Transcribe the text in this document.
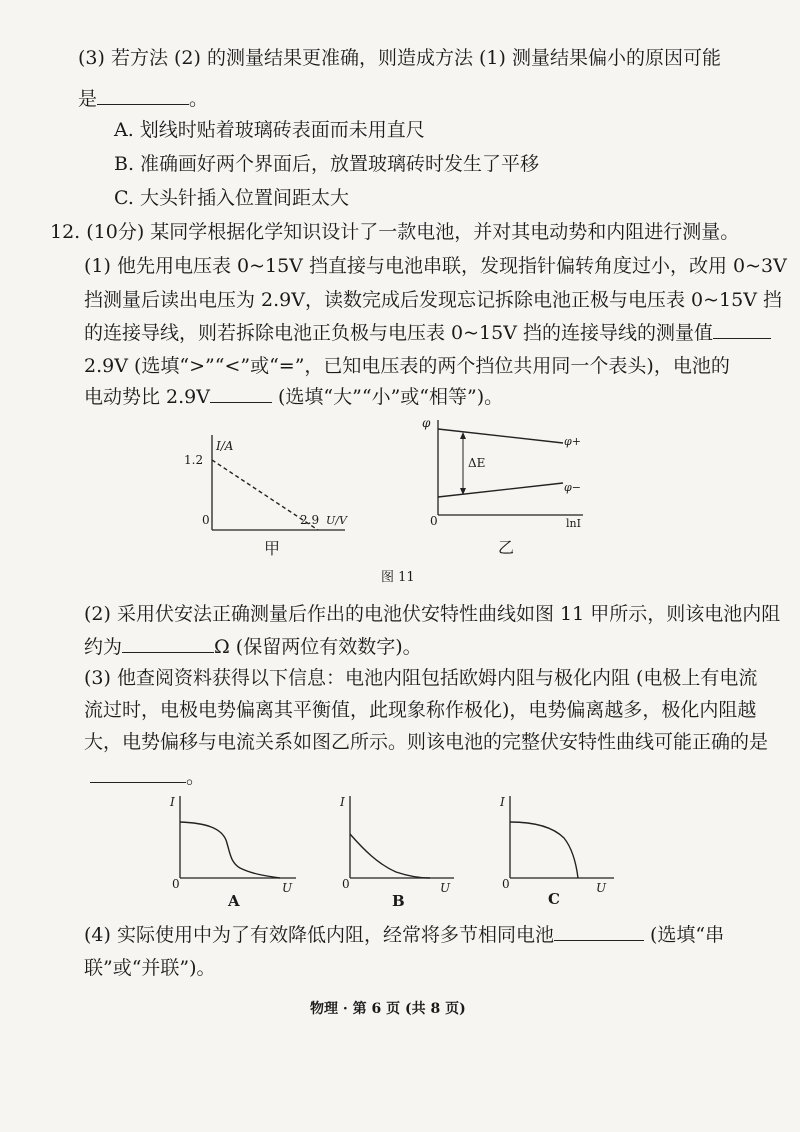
(3) 若方法 (2) 的测量结果更准确，则造成方法 (1) 测量结果偏小的原因可能
是	。
A. 划线时贴着玻璃砖表面而未用直尺
B. 准确画好两个界面后，放置玻璃砖时发生了平移
C. 大头针插入位置间距太大
12. (10分) 某同学根据化学知识设计了一款电池，并对其电动势和内阻进行测量。
(1) 他先用电压表 0~15V 挡直接与电池串联，发现指针偏转角度过小，改用 0~3V
挡测量后读出电压为 2.9V，读数完成后发现忘记拆除电池正极与电压表 0~15V 挡
的连接导线，则若拆除电池正负极与电压表 0~15V 挡的连接导线的测量值
2.9V (选填“>”“<”或“=”，已知电压表的两个挡位共用同一个表头)，电池的
电动势比 2.9V	(选填“大”“小”或“相等”)。
I/A
1.2
0	2.9 U/V
甲
φ
ΔE
φ+
φ−
0	lnI
乙
图 11
(2) 采用伏安法正确测量后作出的电池伏安特性曲线如图 11 甲所示，则该电池内阻
约为	Ω (保留两位有效数字)。
(3) 他查阅资料获得以下信息：电池内阻包括欧姆内阻与极化内阻 (电极上有电流
流过时，电极电势偏离其平衡值，此现象称作极化)，电势偏离越多，极化内阻越
大，电势偏移与电流关系如图乙所示。则该电池的完整伏安特性曲线可能正确的是
。
I
0	U
A
I
0	U
B
I
0	U
C
(4) 实际使用中为了有效降低内阻，经常将多节相同电池	(选填“串
联”或“并联”)。
物理 · 第 6 页 (共 8 页)
